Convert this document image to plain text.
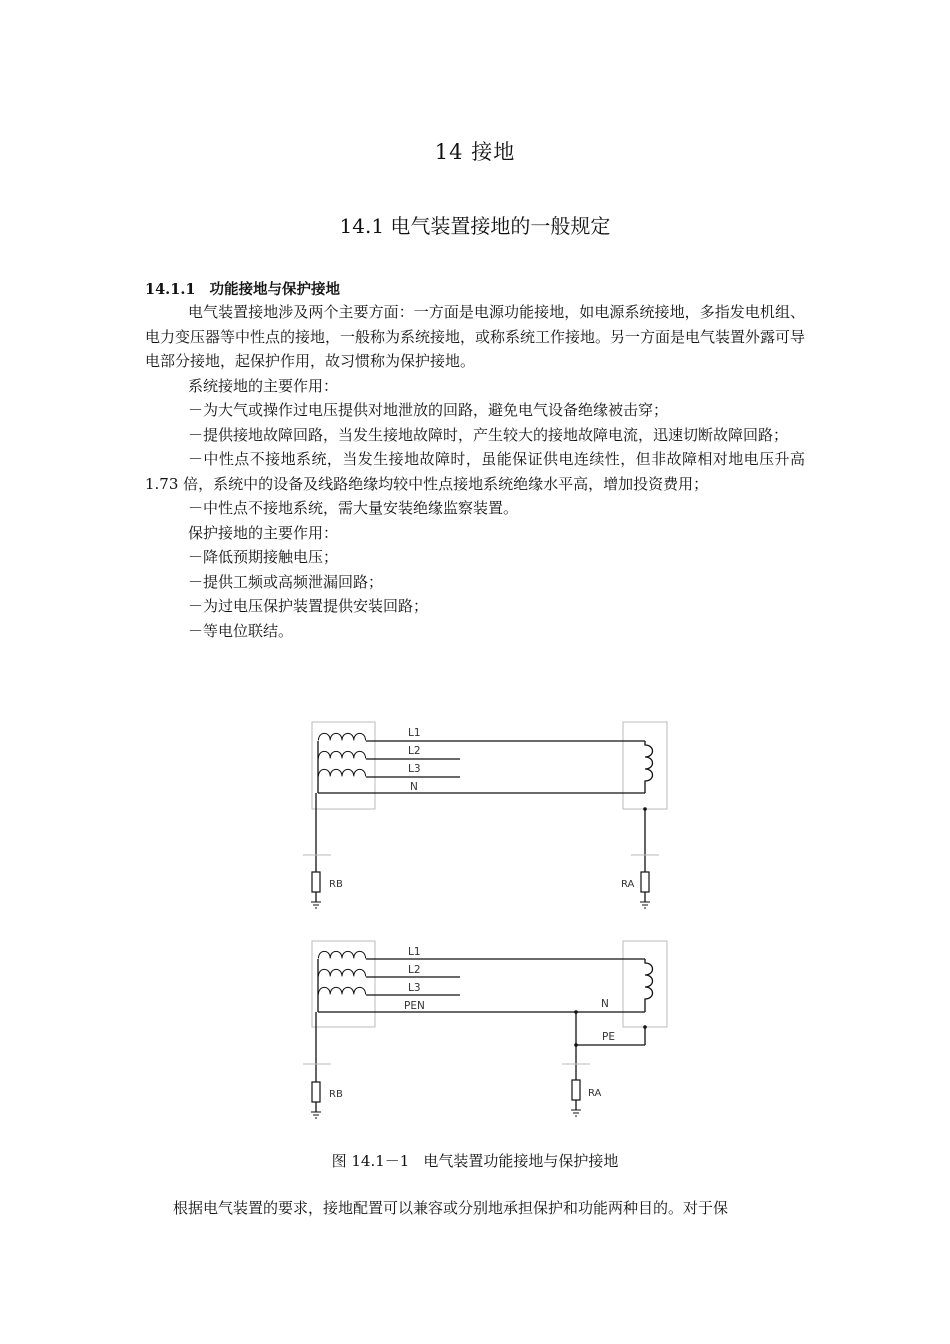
14 接地
14.1 电气装置接地的一般规定
14.1.1 功能接地与保护接地

电气装置接地涉及两个主要方面：一方面是电源功能接地，如电源系统接地，多指发电机组、电力变压器等中性点的接地，一般称为系统接地，或称系统工作接地。另一方面是电气装置外露可导电部分接地，起保护作用，故习惯称为保护接地。

系统接地的主要作用：

－为大气或操作过电压提供对地泄放的回路，避免电气设备绝缘被击穿；

－提供接地故障回路，当发生接地故障时，产生较大的接地故障电流，迅速切断故障回路；

－中性点不接地系统，当发生接地故障时，虽能保证供电连续性，但非故障相对地电压升高 1.73 倍，系统中的设备及线路绝缘均较中性点接地系统绝缘水平高，增加投资费用；

－中性点不接地系统，需大量安装绝缘监察装置。

保护接地的主要作用：

－降低预期接触电压；

－提供工频或高频泄漏回路；

－为过电压保护装置提供安装回路；

－等电位联结。

L1
L2
L3
N
RB	RA
L1
L2
L3
PEN	N
PE
RB	RA
图 14.1－1 电气装置功能接地与保护接地
根据电气装置的要求，接地配置可以兼容或分别地承担保护和功能两种目的。对于保
